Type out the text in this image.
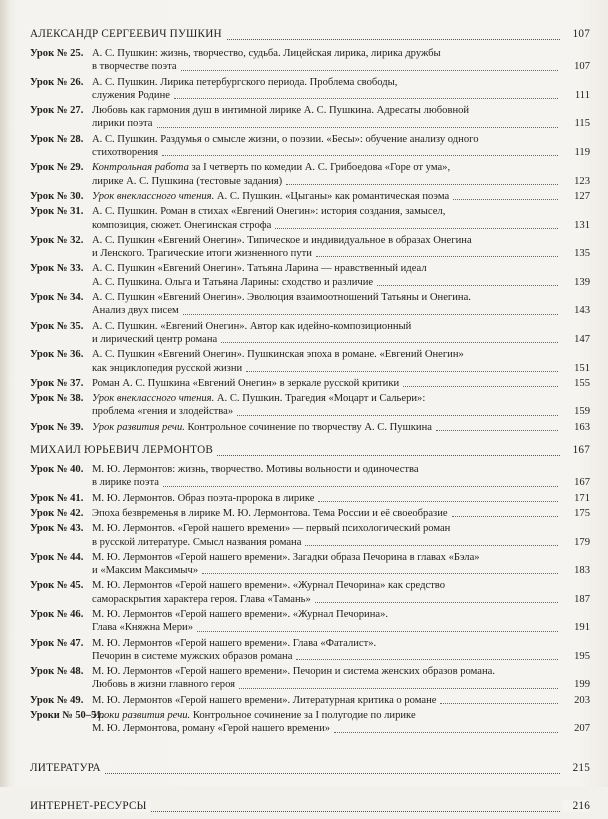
АЛЕКСАНДР СЕРГЕЕВИЧ ПУШКИН	107
Урок № 25. А. С. Пушкин: жизнь, творчество, судьба. Лицейская лирика, лирика дружбы
в творчестве поэта	107
Урок № 26. А. С. Пушкин. Лирика петербургского периода. Проблема свободы,
служения Родине	111
Урок № 27. Любовь как гармония душ в интимной лирике А. С. Пушкина. Адресаты любовной
лирики поэта	115
Урок № 28. А. С. Пушкин. Раздумья о смысле жизни, о поэзии. «Бесы»: обучение анализу одного
стихотворения	119
Урок № 29. Контрольная работа за I четверть по комедии А. С. Грибоедова «Горе от ума»,
лирике А. С. Пушкина (тестовые задания)	123
Урок № 30. Урок внеклассного чтения. А. С. Пушкин. «Цыганы» как романтическая поэма	127
Урок № 31. А. С. Пушкин. Роман в стихах «Евгений Онегин»: история создания, замысел,
композиция, сюжет. Онегинская строфа	131
Урок № 32. А. С. Пушкин «Евгений Онегин». Типическое и индивидуальное в образах Онегина
и Ленского. Трагические итоги жизненного пути	135
Урок № 33. А. С. Пушкин «Евгений Онегин». Татьяна Ларина — нравственный идеал
А. С. Пушкина. Ольга и Татьяна Ларины: сходство и различие	139
Урок № 34. А. С. Пушкин «Евгений Онегин». Эволюция взаимоотношений Татьяны и Онегина.
Анализ двух писем	143
Урок № 35. А. С. Пушкин. «Евгений Онегин». Автор как идейно-композиционный
и лирический центр романа	147
Урок № 36. А. С. Пушкин «Евгений Онегин». Пушкинская эпоха в романе. «Евгений Онегин»
как энциклопедия русской жизни	151
Урок № 37. Роман А. С. Пушкина «Евгений Онегин» в зеркале русской критики	155
Урок № 38. Урок внеклассного чтения. А. С. Пушкин. Трагедия «Моцарт и Сальери»:
проблема «гения и злодейства»	159
Урок № 39. Урок развития речи. Контрольное сочинение по творчеству А. С. Пушкина	163
МИХАИЛ ЮРЬЕВИЧ ЛЕРМОНТОВ	167
Урок № 40. М. Ю. Лермонтов: жизнь, творчество. Мотивы вольности и одиночества
в лирике поэта	167
Урок № 41. М. Ю. Лермонтов. Образ поэта-пророка в лирике	171
Урок № 42. Эпоха безвременья в лирике М. Ю. Лермонтова. Тема России и её своеобразие	175
Урок № 43. М. Ю. Лермонтов. «Герой нашего времени» — первый психологический роман
в русской литературе. Смысл названия романа	179
Урок № 44. М. Ю. Лермонтов «Герой нашего времени». Загадки образа Печорина в главах «Бэла»
и «Максим Максимыч»	183
Урок № 45. М. Ю. Лермонтов «Герой нашего времени». «Журнал Печорина» как средство
самораскрытия характера героя. Глава «Тамань»	187
Урок № 46. М. Ю. Лермонтов «Герой нашего времени». «Журнал Печорина».
Глава «Княжна Мери»	191
Урок № 47. М. Ю. Лермонтов «Герой нашего времени». Глава «Фаталист».
Печорин в системе мужских образов романа	195
Урок № 48. М. Ю. Лермонтов «Герой нашего времени». Печорин и система женских образов романа.
Любовь в жизни главного героя	199
Урок № 49. М. Ю. Лермонтов «Герой нашего времени». Литературная критика о романе	203
Уроки № 50–51.
Уроки развития речи. Контрольное сочинение за I полугодие по лирике
М. Ю. Лермонтова, роману «Герой нашего времени»	207
ЛИТЕРАТУРА	215
ИНТЕРНЕТ-РЕСУРСЫ	216
